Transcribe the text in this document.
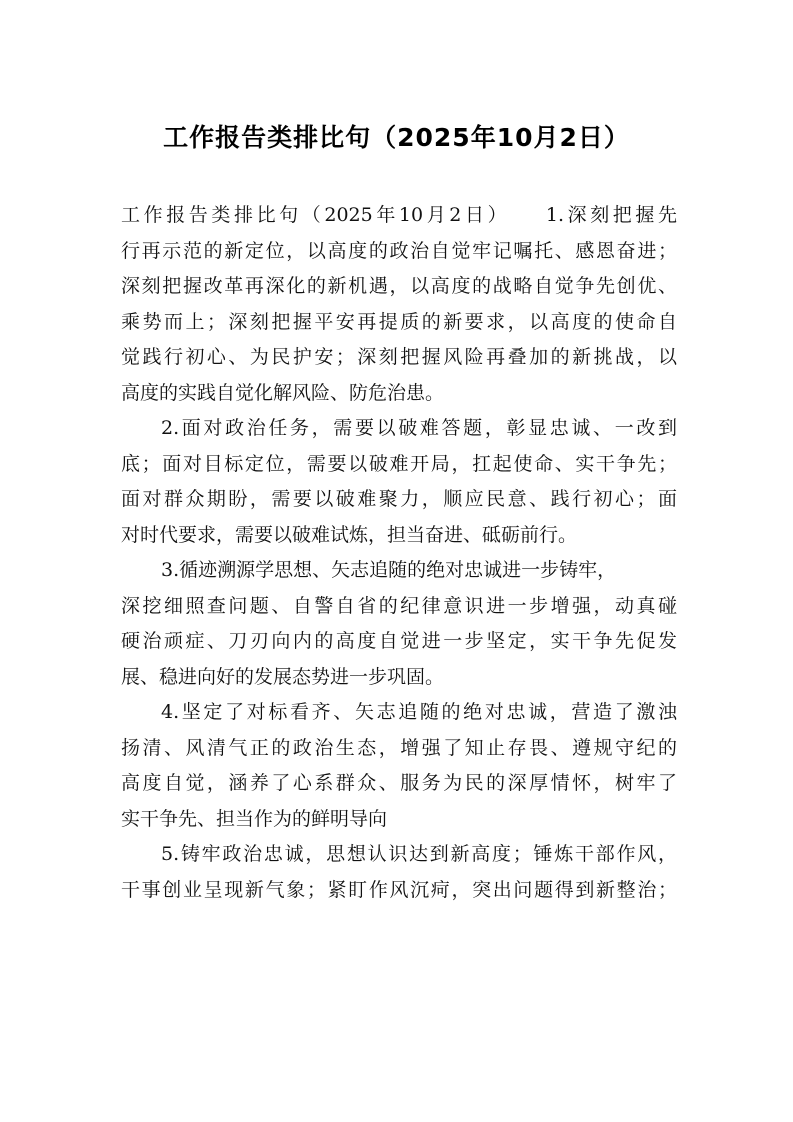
工作报告类排比句（2025年10月2日）
工作报告类排比句（2025年10月2日）　　1.深刻把握先
行再示范的新定位，以高度的政治自觉牢记嘱托、感恩奋进；
深刻把握改革再深化的新机遇，以高度的战略自觉争先创优、
乘势而上；深刻把握平安再提质的新要求，以高度的使命自
觉践行初心、为民护安；深刻把握风险再叠加的新挑战，以
高度的实践自觉化解风险、防危治患。
2.面对政治任务，需要以破难答题，彰显忠诚、一改到
底；面对目标定位，需要以破难开局，扛起使命、实干争先；
面对群众期盼，需要以破难聚力，顺应民意、践行初心；面
对时代要求，需要以破难试炼，担当奋进、砥砺前行。
3.循迹溯源学思想、矢志追随的绝对忠诚进一步铸牢，
深挖细照查问题、自警自省的纪律意识进一步增强，动真碰
硬治顽症、刀刃向内的高度自觉进一步坚定，实干争先促发
展、稳进向好的发展态势进一步巩固。
4.坚定了对标看齐、矢志追随的绝对忠诚，营造了激浊
扬清、风清气正的政治生态，增强了知止存畏、遵规守纪的
高度自觉，涵养了心系群众、服务为民的深厚情怀，树牢了
实干争先、担当作为的鲜明导向
5.铸牢政治忠诚，思想认识达到新高度；锤炼干部作风，
干事创业呈现新气象；紧盯作风沉疴，突出问题得到新整治；
